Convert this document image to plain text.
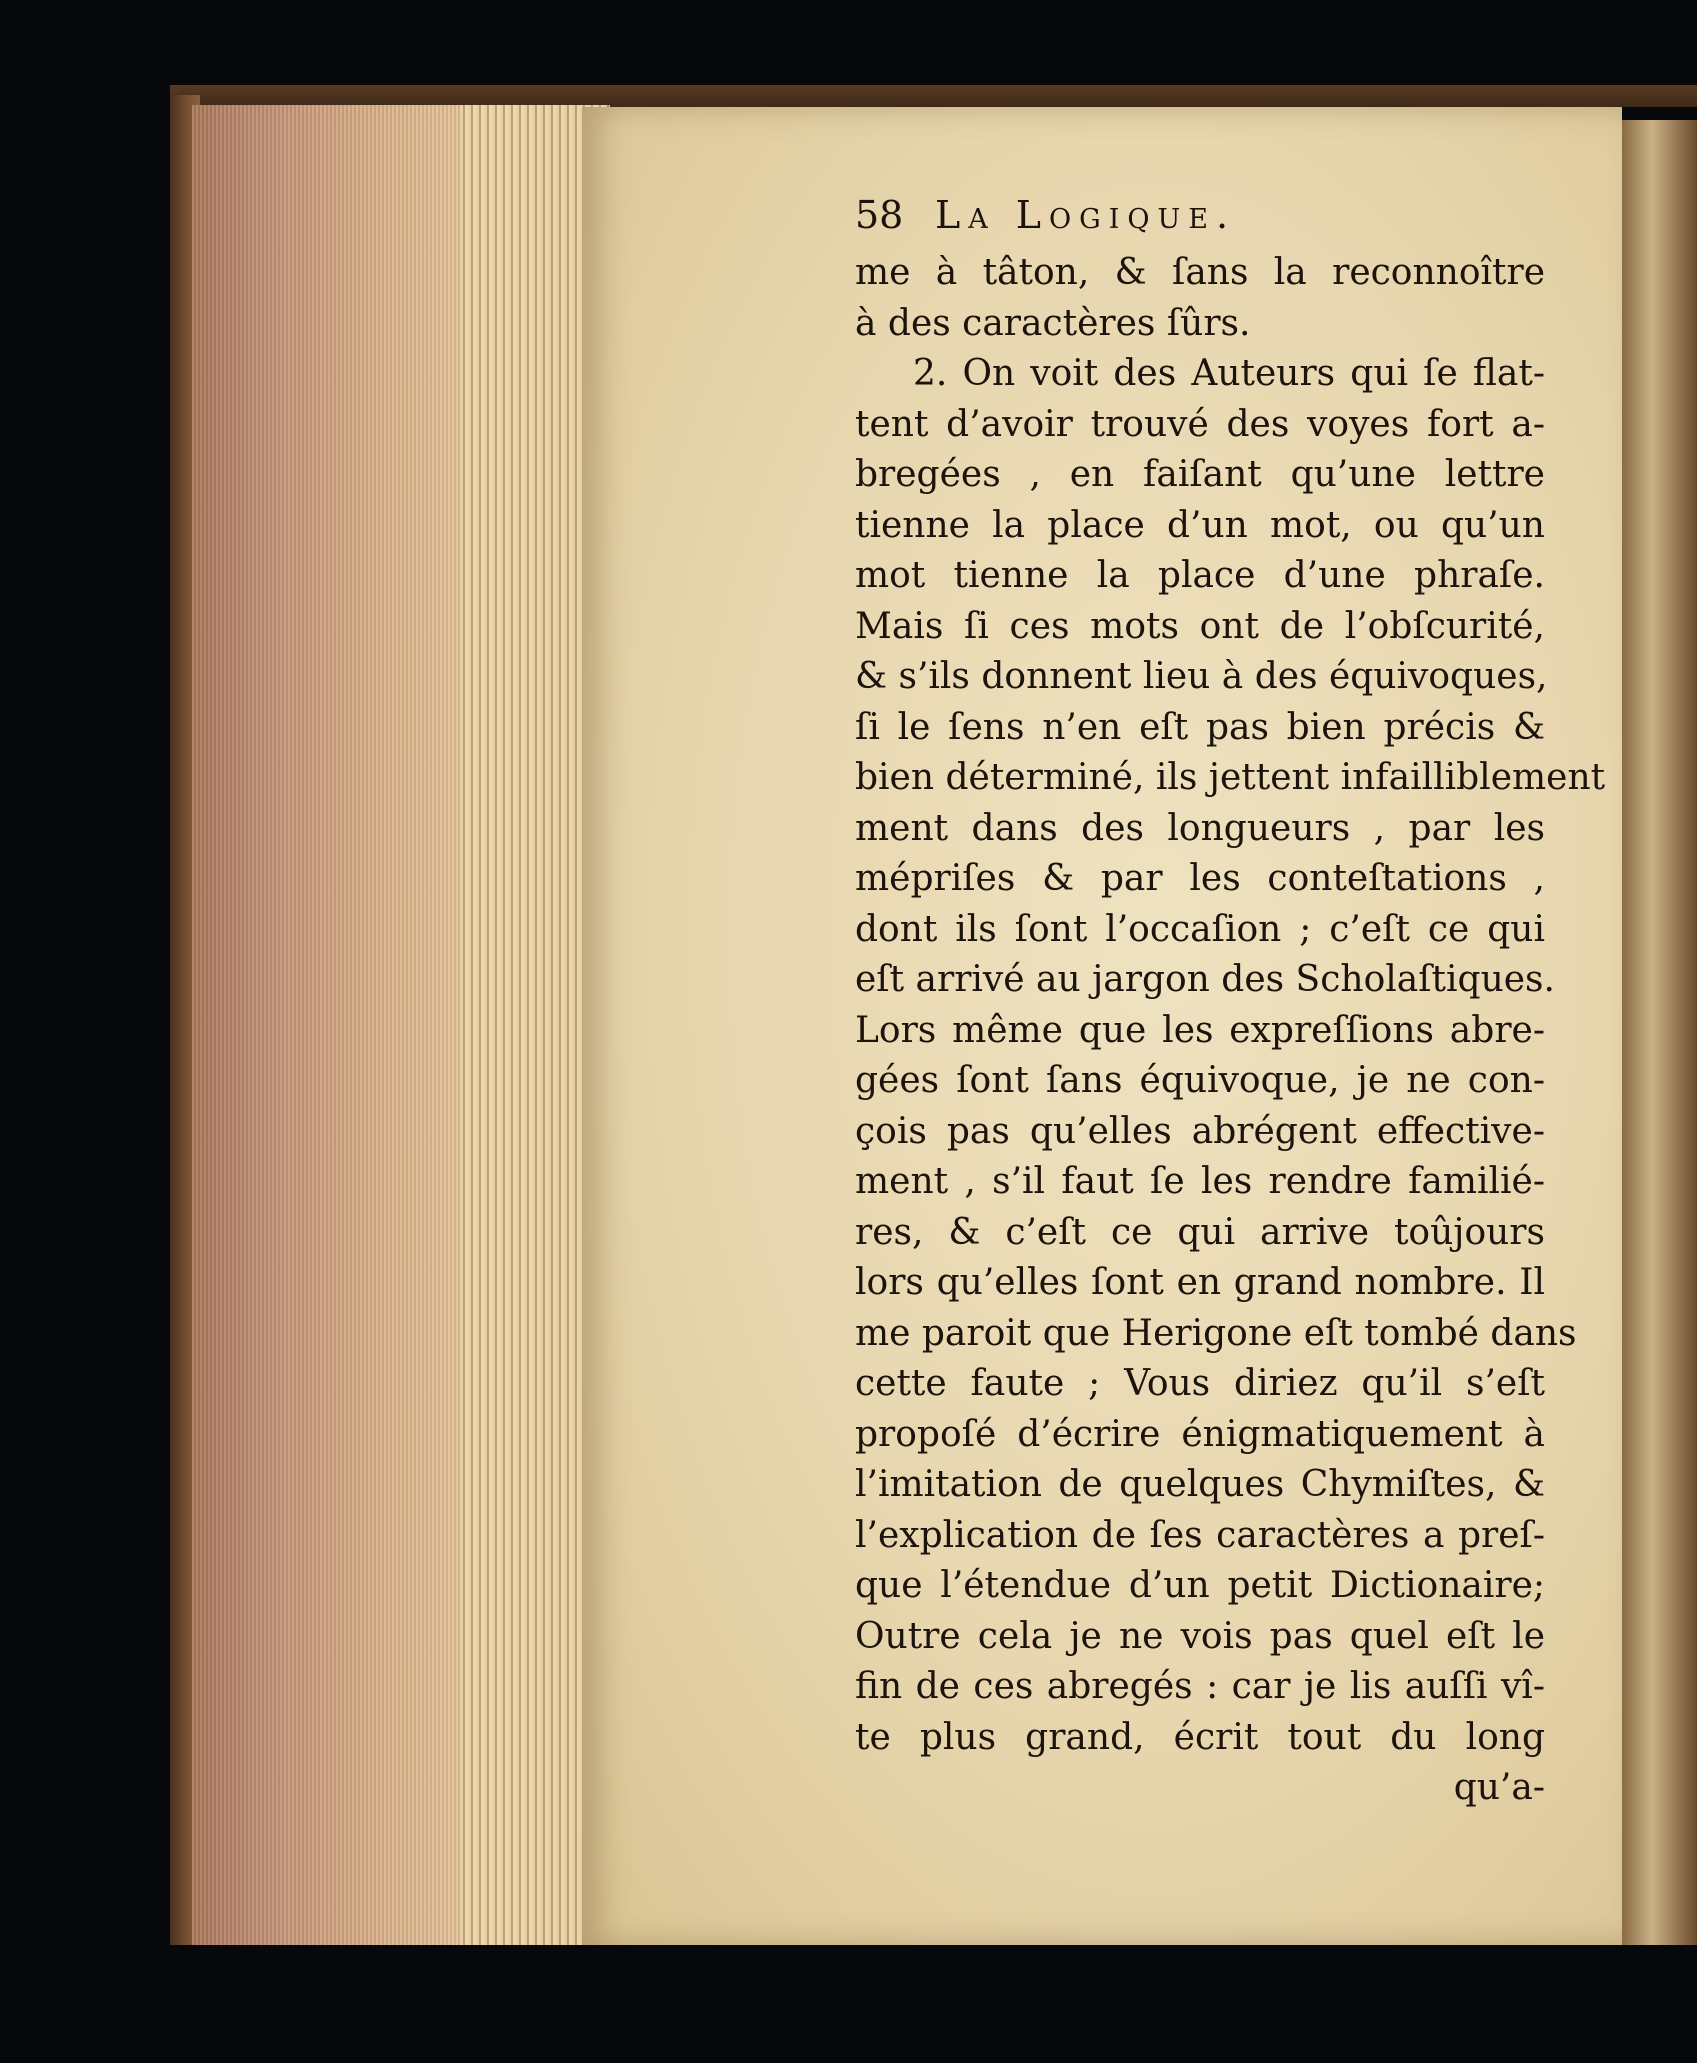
58 La Logique.
me à tâton, & ſans la reconnoître
à des caractères ſûrs.
2. On voit des Auteurs qui ſe flat-
tent d’avoir trouvé des voyes fort a-
bregées , en faiſant qu’une lettre
tienne la place d’un mot, ou qu’un
mot tienne la place d’une phraſe.
Mais ſi ces mots ont de l’obſcurité,
& s’ils donnent lieu à des équivoques,
ſi le ſens n’en eſt pas bien précis &
bien déterminé, ils jettent infailliblement
ment dans des longueurs , par les
mépriſes & par les conteſtations ,
dont ils ſont l’occaſion ; c’eſt ce qui
eſt arrivé au jargon des Scholaſtiques.
Lors même que les expreſſions abre-
gées ſont ſans équivoque, je ne con-
çois pas qu’elles abrégent effective-
ment , s’il faut ſe les rendre familié-
res, & c’eſt ce qui arrive toûjours
lors qu’elles ſont en grand nombre. Il
me paroit que Herigone eſt tombé dans
cette faute ; Vous diriez qu’il s’eſt
propoſé d’écrire énigmatiquement à
l’imitation de quelques Chymiſtes, &
l’explication de ſes caractères a preſ-
que l’étendue d’un petit Dictionaire;
Outre cela je ne vois pas quel eſt le
fin de ces abregés : car je lis auſſi vî-
te plus grand, écrit tout du long
qu’a-
